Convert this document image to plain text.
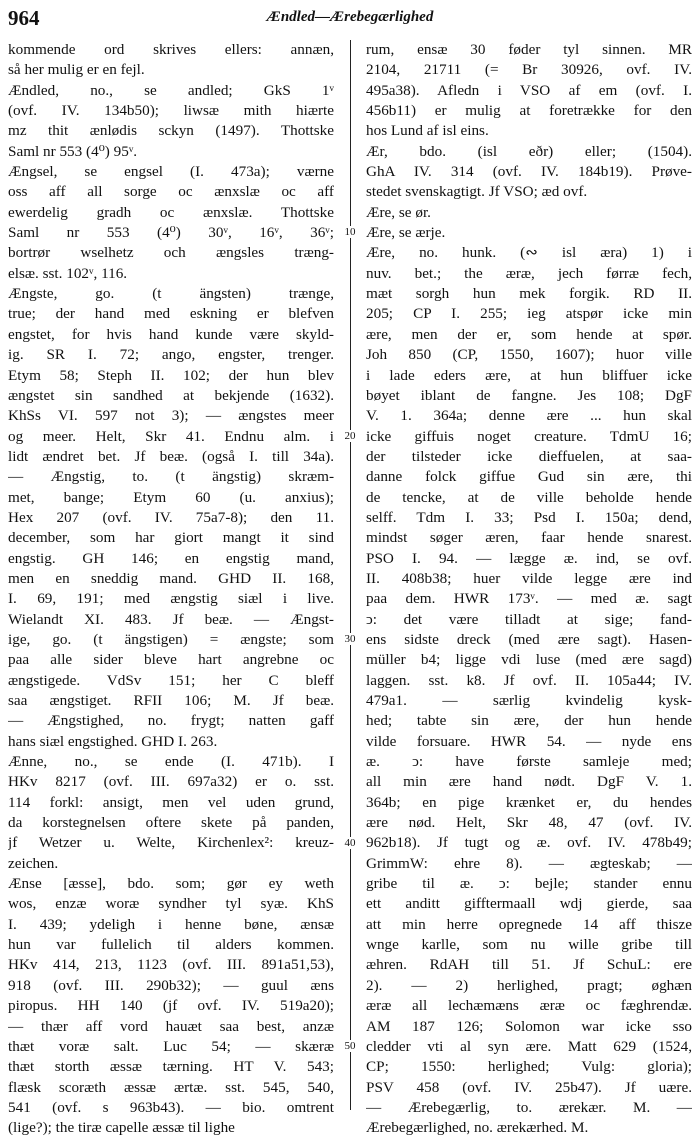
964	Ændled—Ærebegærlighed
kommende ord skrives ellers: annæn,
så her mulig er en fejl.
Ændled, no., se andled; GkS 1ᵛ
(ovf. IV. 134b50); liwsæ mith hiærte
mz thit ænlødis sckyn (1497). Thottske
Saml nr 553 (4⁰) 95ᵛ.
Ængsel, se engsel (I. 473a); værne
oss aff all sorge oc ænxslæ oc aff
ewerdelig gradh oc ænxslæ. Thottske
Saml nr 553 (4⁰) 30ᵛ, 16ᵛ, 36ᵛ;
bortrør wselhetz och ængsles træng-
elsæ. sst. 102ᵛ, 116.
Ængste, go. (t ängsten) trænge,
true; der hand med eskning er blefven
engstet, for hvis hand kunde være skyld-
ig. SR I. 72; ango, engster, trenger.
Etym 58; Steph II. 102; der hun blev
ængstet sin sandhed at bekjende (1632).
KhSs VI. 597 not 3); — ængstes meer
og meer. Helt, Skr 41. Endnu alm. i
lidt ændret bet. Jf beæ. (også I. till 34a).
— Ængstig, to. (t ängstig) skræm-
met, bange; Etym 60 (u. anxius);
Hex 207 (ovf. IV. 75a7-8); den 11.
december, som har giort mangt it sind
engstig. GH 146; en engstig mand,
men en sneddig mand. GHD II. 168,
I. 69, 191; med ængstig siæl i live.
Wielandt XI. 483. Jf beæ. — Ængst-
ige, go. (t ängstigen) = ængste; som
paa alle sider bleve hart angrebne oc
ængstigede. VdSv 151; her C bleff
saa ængstiget. RFII 106; M. Jf beæ.
— Ængstighed, no. frygt; natten gaff
hans siæl engstighed. GHD I. 263.
Ænne, no., se ende (I. 471b). I
HKv 8217 (ovf. III. 697a32) er o. sst.
114 forkl: ansigt, men vel uden grund,
da korstegnelsen oftere skete på panden,
jf Wetzer u. Welte, Kirchenlex²: kreuz-
zeichen.
Ænse [æsse], bdo. som; gør ey weth
wos, enzæ woræ syndher tyl syæ. KhS
I. 439; ydeligh i henne bøne, ænsæ
hun var fullelich til alders kommen.
HKv 414, 213, 1123 (ovf. III. 891a51,53),
918 (ovf. III. 290b32); — guul æns
piropus. HH 140 (jf ovf. IV. 519a20);
— thær aff vord hauæt saa best, anzæ
thæt voræ salt. Luc 54; — skæræ
thæt storth æssæ tærning. HT V. 543;
flæsk scoræth æssæ ærtæ. sst. 545, 540,
541 (ovf. s 963b43). — bio. omtrent
(lige?); the tiræ capelle æssæ til lighe
rum, ensæ 30 føder tyl sinnen. MR
2104, 21711 (= Br 30926, ovf. IV.
495a38). Afledn i VSO af em (ovf. I.
456b11) er mulig at foretrække for den
hos Lund af isl eins.
Ær, bdo. (isl eðr) eller; (1504).
GhA IV. 314 (ovf. IV. 184b19). Prøve-
stedet svenskagtigt. Jf VSO; æd ovf.
Ære, se ør.
Ære, se ærje.
Ære, no. hunk. (∾ isl æra) 1) i
nuv. bet.; the æræ, jech førræ fech,
mæt sorgh hun mek forgik. RD II.
205; CP I. 255; ieg atspør icke min
ære, men der er, som hende at spør.
Joh 850 (CP, 1550, 1607); huor ville
i lade eders ære, at hun bliffuer icke
bøyet iblant de fangne. Jes 108; DgF
V. 1. 364a; denne ære ... hun skal
icke giffuis noget creature. TdmU 16;
der tilsteder icke dieffuelen, at saa-
danne folck giffue Gud sin ære, thi
de tencke, at de ville beholde hende
selff. Tdm I. 33; Psd I. 150a; dend,
mindst søger æren, faar hende snarest.
PSO I. 94. — lægge æ. ind, se ovf.
II. 408b38; huer vilde legge ære ind
paa dem. HWR 173ᵛ. — med æ. sagt
ↄ: det være tilladt at sige; fand-
ens sidste dreck (med ære sagt). Hasen-
müller b4; ligge vdi luse (med ære sagd)
laggen. sst. k8. Jf ovf. II. 105a44; IV.
479a1. — særlig kvindelig kysk-
hed; tabte sin ære, der hun hende
vilde forsuare. HWR 54. — nyde ens
æ. ↄ: have første samleje med;
all min ære hand nødt. DgF V. 1.
364b; en pige krænket er, du hendes
ære nød. Helt, Skr 48, 47 (ovf. IV.
962b18). Jf tugt og æ. ovf. IV. 478b49;
GrimmW: ehre 8). — ægteskab; —
gribe til æ. ↄ: bejle; stander ennu
ett anditt gifftermaall wdj gierde, saa
att min herre opregnede 14 aff thisze
wnge karlle, som nu wille gribe till
æhren. RdAH till 51. Jf SchuL: ere
2). — 2) herlighed, pragt; øghæn
æræ all lechæmæns æræ oc fæghrendæ.
AM 187 126; Solomon war icke sso
cledder vti al syn ære. Matt 629 (1524,
CP; 1550: herlighed; Vulg: gloria);
PSV 458 (ovf. IV. 25b47). Jf uære.
— Ærebegærlig, to. ærekær. M. —
Ærebegærlighed, no. ærekærhed. M.
10
20
30
40
50
